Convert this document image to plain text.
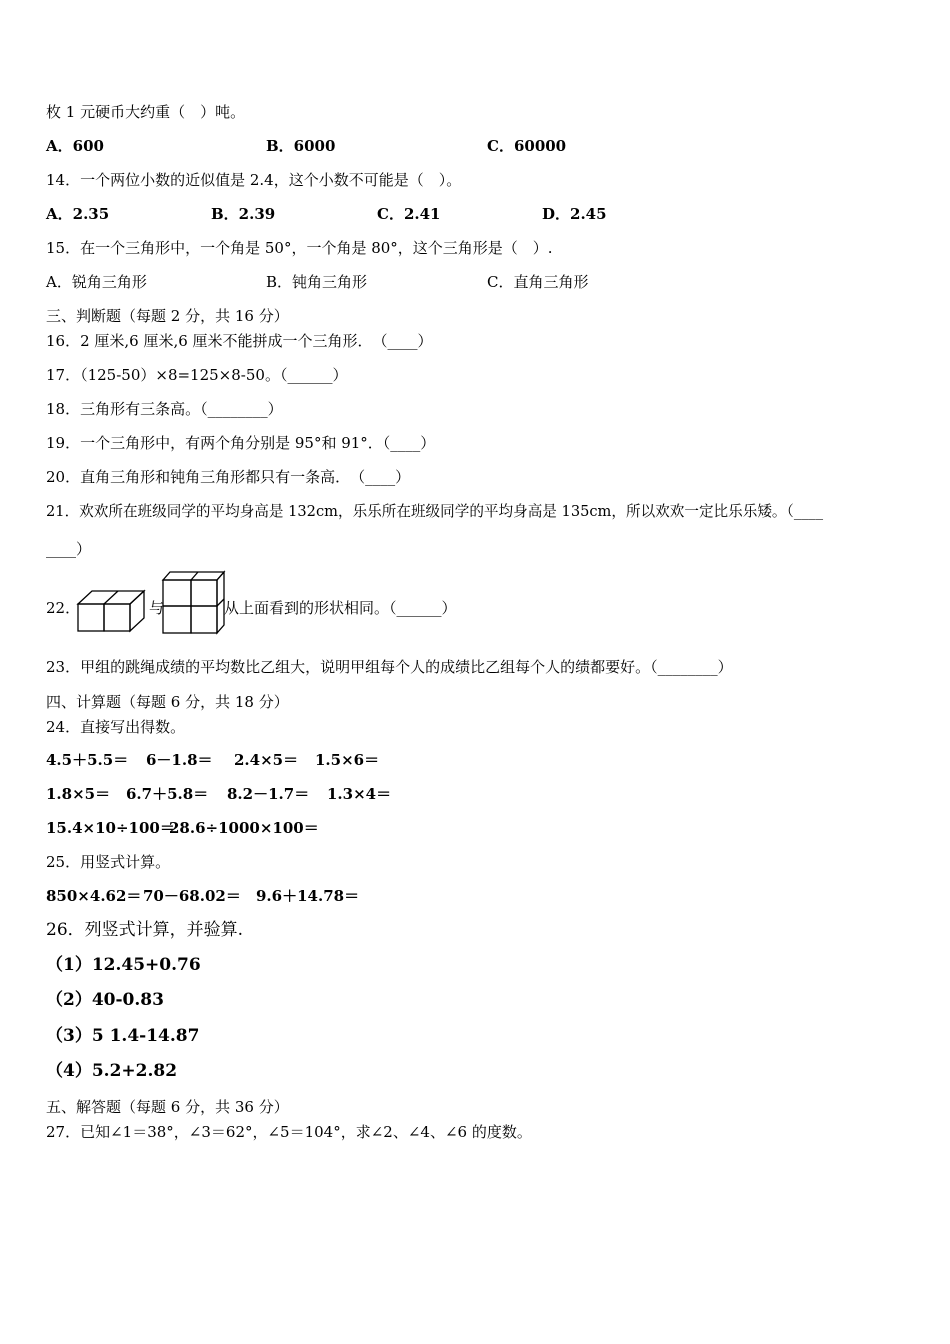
枚 1 元硬币大约重（　）吨。
A．600	B．6000	C．60000
14．一个两位小数的近似值是 2.4，这个小数不可能是（　）。
A．2.35	B．2.39	C．2.41	D．2.45
15．在一个三角形中，一个角是 50°，一个角是 80°，这个三角形是（　）.
A．锐角三角形	B．钝角三角形	C．直角三角形
三、判断题（每题 2 分，共 16 分）
16．2 厘米,6 厘米,6 厘米不能拼成一个三角形．　（____）
17．（125-50）×8=125×8-50。（______）
18．三角形有三条高。（________）
19．一个三角形中，有两个角分别是 95°和 91°．（____）
20．直角三角形和钝角三角形都只有一条高．　（____）
21．欢欢所在班级同学的平均身高是 132cm，乐乐所在班级同学的平均身高是 135cm，所以欢欢一定比乐乐矮。（____
____）
22．	与	从上面看到的形状相同。（______）
23．甲组的跳绳成绩的平均数比乙组大，说明甲组每个人的成绩比乙组每个人的绩都要好。（________）
四、计算题（每题 6 分，共 18 分）
24．直接写出得数。
4.5＋5.5＝ 6－1.8＝ 2.4×5＝ 1.5×6＝
1.8×5＝ 6.7＋5.8＝ 8.2－1.7＝ 1.3×4＝
15.4×10÷100＝
28.6÷1000×100＝
25．用竖式计算。
850×4.62＝ 70－68.02＝ 9.6＋14.78＝
26．列竖式计算，并验算.
（1）12.45+0.76
（2）40-0.83
（3）5 1.4-14.87
（4）5.2+2.82
五、解答题（每题 6 分，共 36 分）
27．已知∠1＝38°，∠3＝62°，∠5＝104°，求∠2、∠4、∠6 的度数。
